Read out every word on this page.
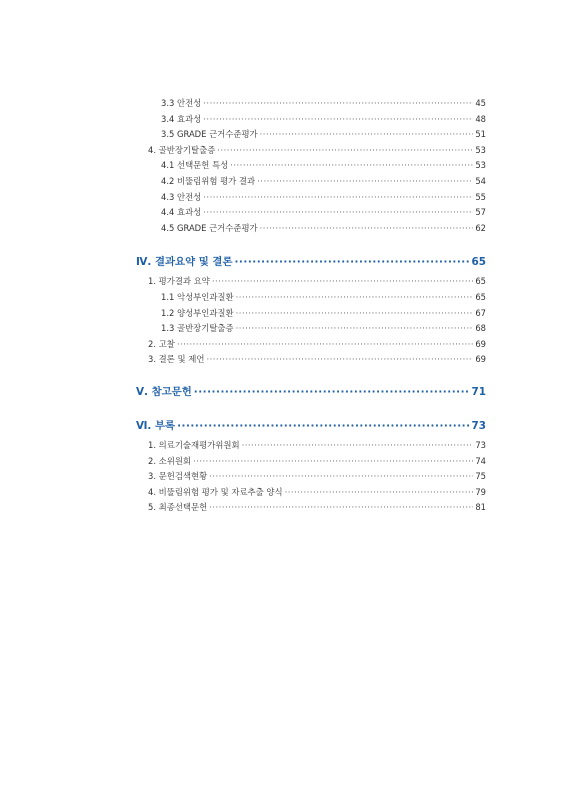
3.3 안전성 ·····	45
3.4 효과성 ·····	48
3.5 GRADE 근거수준평가 ·····	51
4. 골반장기탈출증 ·····	53
4.1 선택문헌 특성 ·····	53
4.2 비뚤림위험 평가 결과 ·····	54
4.3 안전성 ·····	55
4.4 효과성 ·····	57
4.5 GRADE 근거수준평가 ·····	62
Ⅳ. 결과요약 및 결론 ·····	65
1. 평가결과 요약 ·····	65
1.1 악성부인과질환 ·····	65
1.2 양성부인과질환 ·····	67
1.3 골반장기탈출증 ·····	68
2. 고찰 ·····	69
3. 결론 및 제언 ·····	69
Ⅴ. 참고문헌 ·····	71
Ⅵ. 부록 ·····	73
1. 의료기술재평가위원회 ·····	73
2. 소위원회 ·····	74
3. 문헌검색현황 ·····	75
4. 비뚤림위험 평가 및 자료추출 양식 ·····	79
5. 최종선택문헌 ·····	81
